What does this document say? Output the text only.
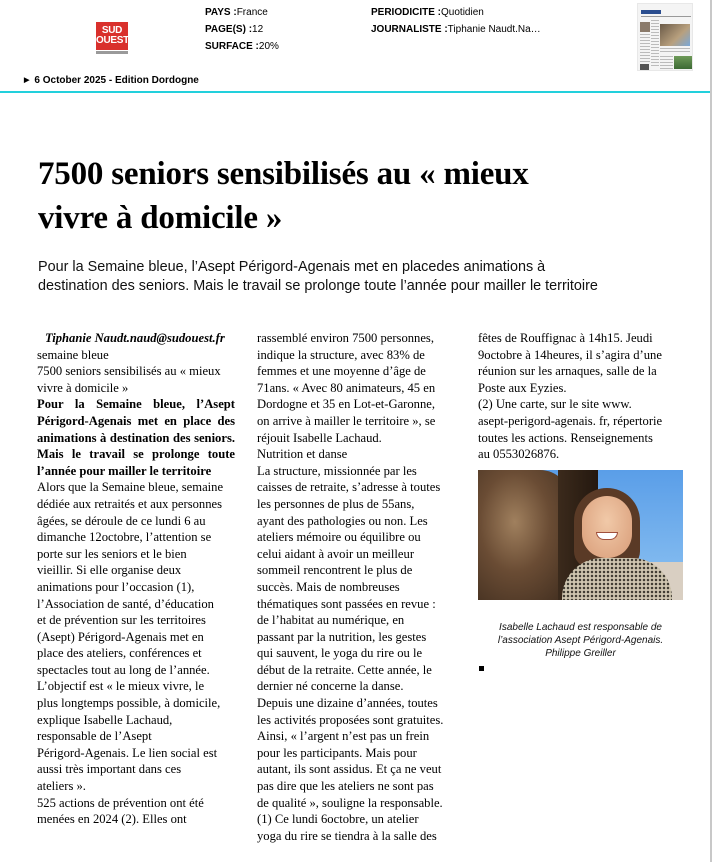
SUD
OUEST
PAYS :France
PAGE(S) :12
SURFACE :20%
PERIODICITE :Quotidien
JOURNALISTE :Tiphanie Naudt.Na…
▶ 6 October 2025 - Edition Dordogne
7500 seniors sensibilisés au « mieux
vivre à domicile »
Pour la Semaine bleue, l’Asept Périgord-Agenais met en placedes animations à
destination des seniors. Mais le travail se prolonge toute l’année pour mailler le territoire

Tiphanie Naudt.naud@sudouest.fr

semaine bleue

7500 seniors sensibilisés au « mieux

vivre à domicile »

Pour la Semaine bleue, l’Asept Périgord-Agenais met en place des animations à destination des seniors. Mais le travail se prolonge toute l’année pour mailler le territoire

Alors que la Semaine bleue, semaine

dédiée aux retraités et aux personnes

âgées, se déroule de ce lundi 6 au

dimanche 12octobre, l’attention se

porte sur les seniors et le bien

vieillir. Si elle organise deux

animations pour l’occasion (1),

l’Association de santé, d’éducation

et de prévention sur les territoires

(Asept) Périgord-Agenais met en

place des ateliers, conférences et

spectacles tout au long de l’année.

L’objectif est « le mieux vivre, le

plus longtemps possible, à domicile,

explique Isabelle Lachaud,

responsable de l’Asept

Périgord-Agenais. Le lien social est

aussi très important dans ces

ateliers ».

525 actions de prévention ont été

menées en 2024 (2). Elles ont

rassemblé environ 7500 personnes,

indique la structure, avec 83% de

femmes et une moyenne d’âge de

71ans. « Avec 80 animateurs, 45 en

Dordogne et 35 en Lot-et-Garonne,

on arrive à mailler le territoire », se

réjouit Isabelle Lachaud.

Nutrition et danse

La structure, missionnée par les

caisses de retraite, s’adresse à toutes

les personnes de plus de 55ans,

ayant des pathologies ou non. Les

ateliers mémoire ou équilibre ou

celui aidant à avoir un meilleur

sommeil rencontrent le plus de

succès. Mais de nombreuses

thématiques sont passées en revue :

de l’habitat au numérique, en

passant par la nutrition, les gestes

qui sauvent, le yoga du rire ou le

début de la retraite. Cette année, le

dernier né concerne la danse.

Depuis une dizaine d’années, toutes

les activités proposées sont gratuites.

Ainsi, « l’argent n’est pas un frein

pour les participants. Mais pour

autant, ils sont assidus. Et ça ne veut

pas dire que les ateliers ne sont pas

de qualité », souligne la responsable.

(1) Ce lundi 6octobre, un atelier

yoga du rire se tiendra à la salle des

fêtes de Rouffignac à 14h15. Jeudi

9octobre à 14heures, il s’agira d’une

réunion sur les arnaques, salle de la

Poste aux Eyzies.

(2) Une carte, sur le site www.

asept-perigord-agenais. fr, répertorie

toutes les actions. Renseignements

au 0553026876.

Isabelle Lachaud est responsable de
l’association Asept Périgord-Agenais.
Philippe Greiller
